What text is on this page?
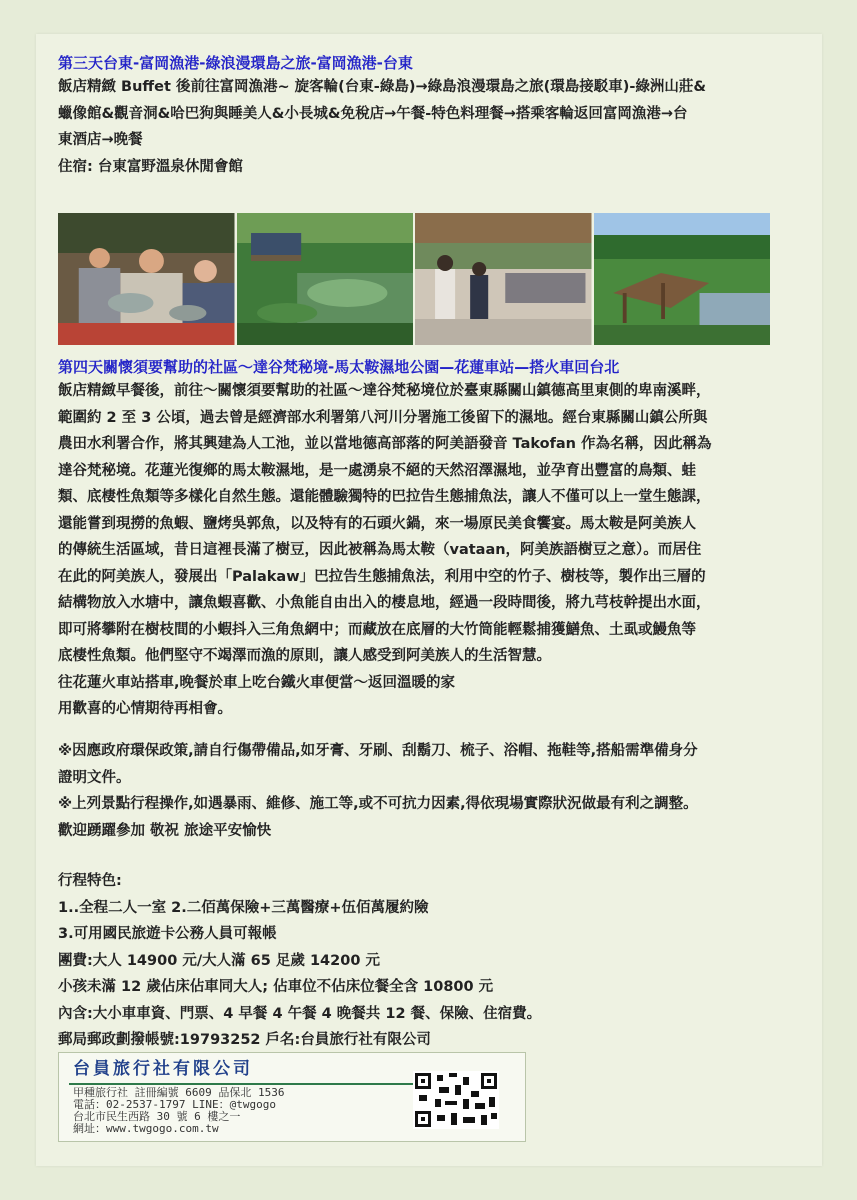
第三天台東-富岡漁港-綠浪漫環島之旅-富岡漁港-台東
飯店精緻 Buffet 後前往富岡漁港~ 旋客輪(台東-綠島)→綠島浪漫環島之旅(環島接駁車)-綠洲山莊&
蠟像館&觀音洞&哈巴狗與睡美人&小長城&免稅店→午餐-特色料理餐→搭乘客輪返回富岡漁港→台
東酒店→晚餐
住宿: 台東富野溫泉休閒會館
第四天關懷須要幫助的社區～達谷梵秘境-馬太鞍濕地公園—花蓮車站—搭火車回台北
飯店精緻早餐後，前往～關懷須要幫助的社區～達谷梵秘境位於臺東縣關山鎮德高里東側的卑南溪畔，
範圍約 2 至 3 公頃，過去曾是經濟部水利署第八河川分署施工後留下的濕地。經台東縣關山鎮公所與
農田水利署合作，將其興建為人工池，並以當地德高部落的阿美語發音 Takofan 作為名稱，因此稱為
達谷梵秘境。花蓮光復鄉的馬太鞍濕地，是一處湧泉不絕的天然沼澤濕地，並孕育出豐富的鳥類、蛙
類、底棲性魚類等多樣化自然生態。還能體驗獨特的巴拉告生態捕魚法，讓人不僅可以上一堂生態課，
還能嘗到現撈的魚蝦、鹽烤吳郭魚，以及特有的石頭火鍋，來一場原民美食饗宴。馬太鞍是阿美族人
的傳統生活區域，昔日這裡長滿了樹豆，因此被稱為馬太鞍（vataan，阿美族語樹豆之意）。而居住
在此的阿美族人，發展出「Palakaw」巴拉告生態捕魚法，利用中空的竹子、樹枝等，製作出三層的
結構物放入水塘中，讓魚蝦喜歡、小魚能自由出入的棲息地，經過一段時間後，將九芎枝幹提出水面，
即可將攀附在樹枝間的小蝦抖入三角魚網中；而藏放在底層的大竹筒能輕鬆捕獲鱔魚、土虱或鰻魚等
底棲性魚類。他們堅守不竭澤而漁的原則，讓人感受到阿美族人的生活智慧。
往花蓮火車站搭車,晚餐於車上吃台鐵火車便當～返回溫暖的家
用歡喜的心情期待再相會。
※因應政府環保政策,請自行傷帶備品,如牙膏、牙刷、刮鬍刀、梳子、浴帽、拖鞋等,搭船需準備身分
證明文件。
※上列景點行程操作,如遇暴雨、維修、施工等,或不可抗力因素,得依現場實際狀況做最有利之調整。
歡迎踴躍參加 敬祝 旅途平安愉快
行程特色:
1..全程二人一室 2.二佰萬保險+三萬醫療+伍佰萬履約險
3.可用國民旅遊卡公務人員可報帳
團費:大人 14900 元/大人滿 65 足歲 14200 元
小孩未滿 12 歲佔床佔車同大人; 佔車位不佔床位餐全含 10800 元
內含:大小車車資、門票、4 早餐 4 午餐 4 晚餐共 12 餐、保險、住宿費。
郵局郵政劃撥帳號:19793252 戶名:台員旅行社有限公司
台員旅行社有限公司
甲種旅行社 註冊編號 6609 品保北 1536
電話：02-2537-1797 LINE：@twgogo
台北市民生西路 30 號 6 樓之一
網址：www.twgogo.com.tw
